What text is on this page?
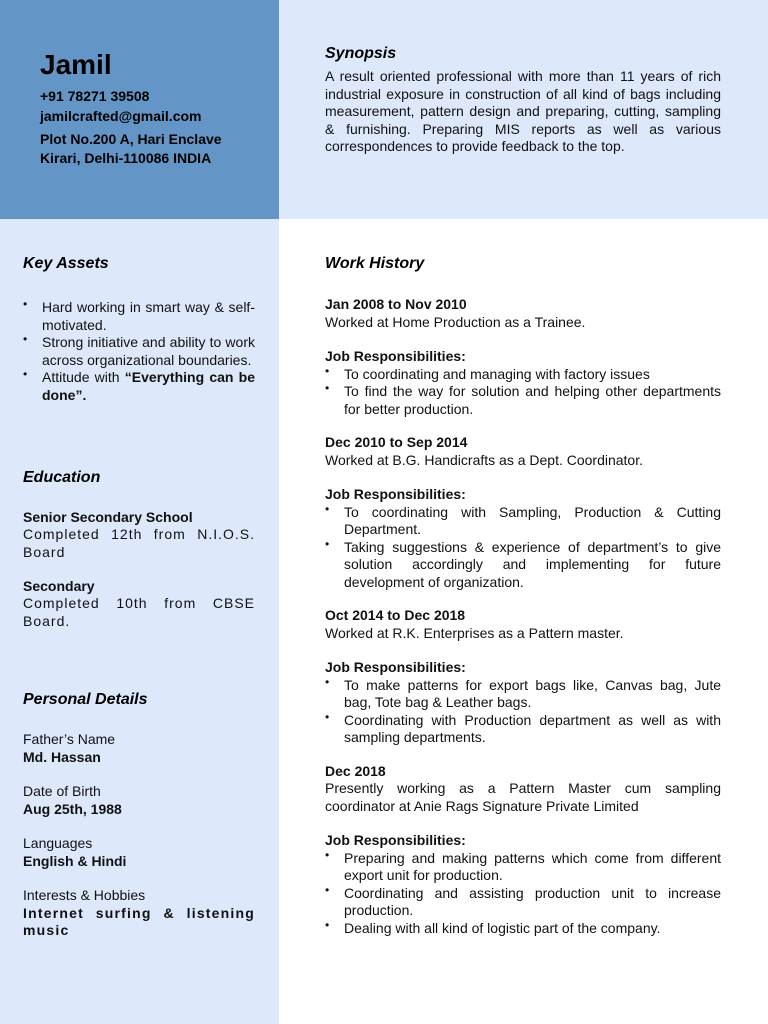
Jamil
+91 78271 39508
jamilcrafted@gmail.com
Plot No.200 A, Hari Enclave
Kirari, Delhi-110086 INDIA
Synopsis
A result oriented professional with more than 11 years of rich industrial exposure in construction of all kind of bags including measurement, pattern design and preparing, cutting, sampling & furnishing. Preparing MIS reports as well as various correspondences to provide feedback to the top.
Key Assets
• Hard working in smart way & self-motivated.
• Strong initiative and ability to work across organizational boundaries.
• Attitude with “Everything can be done”.
Education
Senior Secondary School
Completed 12th from N.I.O.S. Board
Secondary
Completed 10th from CBSE Board.
Personal Details
Father’s Name
Md. Hassan
Date of Birth
Aug 25th, 1988
Languages
English & Hindi
Interests & Hobbies
Internet surfing & listening music
Work History
Jan 2008 to Nov 2010
Worked at Home Production as a Trainee.
Job Responsibilities:
• To coordinating and managing with factory issues
• To find the way for solution and helping other departments for better production.
Dec 2010 to Sep 2014
Worked at B.G. Handicrafts as a Dept. Coordinator.
Job Responsibilities:
• To coordinating with Sampling, Production & Cutting Department.
• Taking suggestions & experience of department’s to give solution accordingly and implementing for future development of organization.
Oct 2014 to Dec 2018
Worked at R.K. Enterprises as a Pattern master.
Job Responsibilities:
• To make patterns for export bags like, Canvas bag, Jute bag, Tote bag & Leather bags.
• Coordinating with Production department as well as with sampling departments.
Dec 2018
Presently working as a Pattern Master cum sampling coordinator at Anie Rags Signature Private Limited
Job Responsibilities:
• Preparing and making patterns which come from different export unit for production.
• Coordinating and assisting production unit to increase production.
• Dealing with all kind of logistic part of the company.
